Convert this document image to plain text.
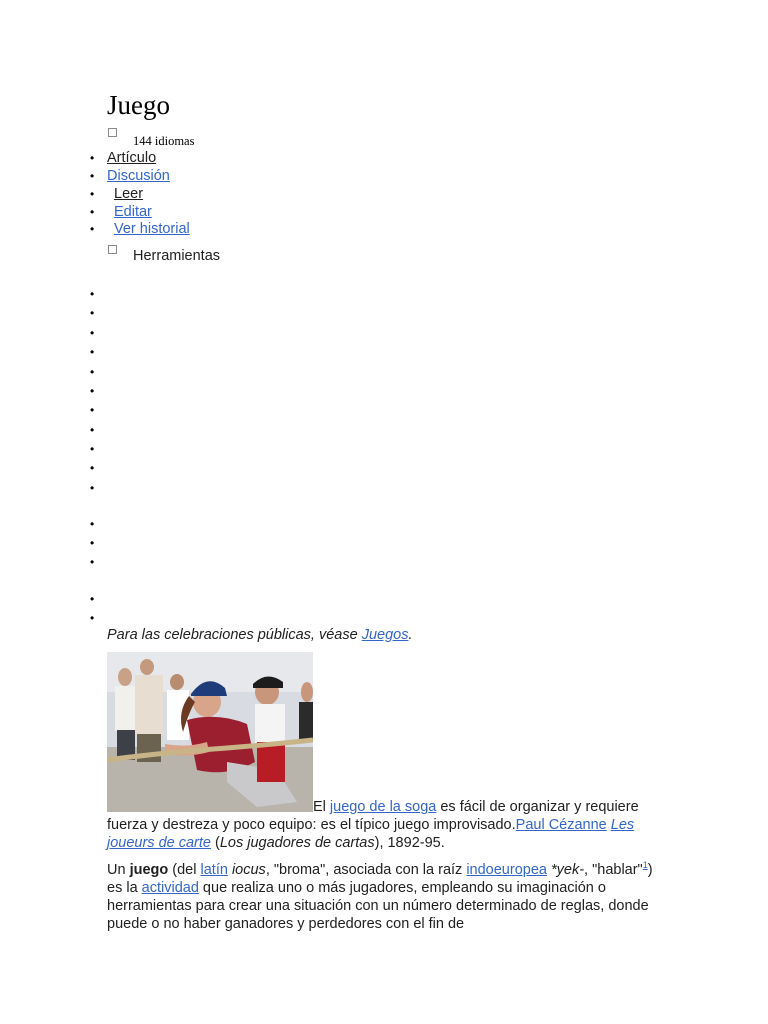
Juego
144 idiomas
• Artículo
• Discusión
• Leer
• Editar
• Ver historial
Herramientas
•
•
•
•
•
•
•
•
•
•
•
•
•
•
•
•
Para las celebraciones públicas, véase Juegos.
El juego de la soga es fácil de organizar y requiere fuerza y destreza y poco equipo: es el típico juego improvisado.Paul Cézanne Les joueurs de carte (Los jugadores de cartas), 1892-95.
Un juego (del latín iocus, "broma", asociada con la raíz indoeuropea *yek-, "hablar"$^1$) es la actividad que realiza uno o más jugadores, empleando su imaginación o herramientas para crear una situación con un número determinado de reglas, donde puede o no haber ganadores y perdedores con el fin de
